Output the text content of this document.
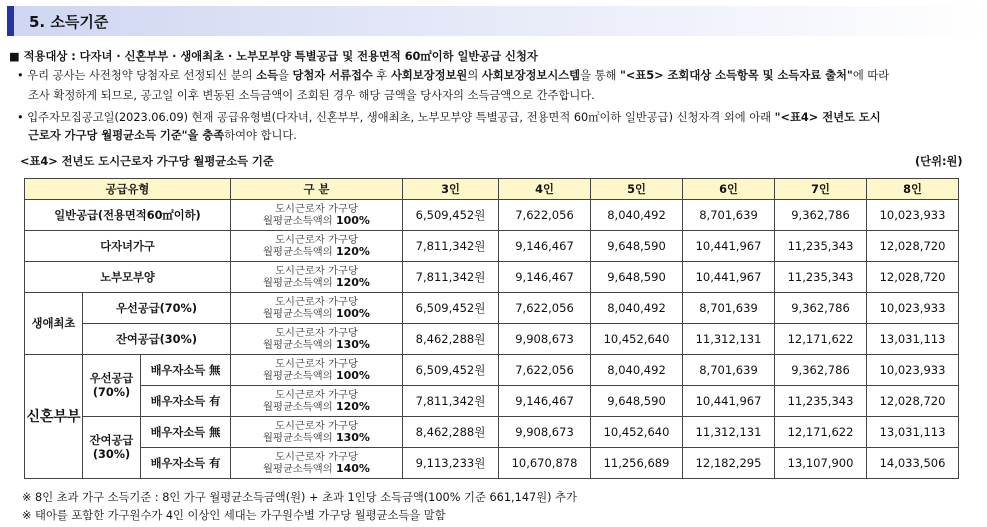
5. 소득기준
■ 적용대상 : 다자녀 · 신혼부부 · 생애최초 · 노부모부양 특별공급 및 전용면적 60㎡이하 일반공급 신청자
• 우리 공사는 사전청약 당첨자로 선정되신 분의 소득을 당첨자 서류접수 후 사회보장정보원의 사회보장정보시스템을 통해 "<표5> 조회대상 소득항목 및 소득자료 출처"에 따라
조사 확정하게 되므로, 공고일 이후 변동된 소득금액이 조회된 경우 해당 금액을 당사자의 소득금액으로 간주합니다.
• 입주자모집공고일(2023.06.09) 현재 공급유형별(다자녀, 신혼부부, 생애최초, 노부모부양 특별공급, 전용면적 60㎡이하 일반공급) 신청자격 외에 아래 "<표4> 전년도 도시
근로자 가구당 월평균소득 기준"을 충족하여야 합니다.
<표4> 전년도 도시근로자 가구당 월평균소득 기준	(단위:원)
공급유형			구 분	3인	4인	5인	6인	7인	8인
일반공급(전용면적60㎡이하)			도시근로자 가구당
월평균소득액의 100%	6,509,452원	7,622,056	8,040,492	8,701,639	9,362,786	10,023,933
다자녀가구			도시근로자 가구당
월평균소득액의 120%	7,811,342원	9,146,467	9,648,590	10,441,967	11,235,343	12,028,720
노부모부양			도시근로자 가구당
월평균소득액의 120%	7,811,342원	9,146,467	9,648,590	10,441,967	11,235,343	12,028,720
생애최초	우선공급(70%)		도시근로자 가구당
월평균소득액의 100%	6,509,452원	7,622,056	8,040,492	8,701,639	9,362,786	10,023,933
	잔여공급(30%)		도시근로자 가구당
월평균소득액의 130%	8,462,288원	9,908,673	10,452,640	11,312,131	12,171,622	13,031,113
신혼부부	우선공급 (70%)	배우자소득 無	도시근로자 가구당
월평균소득액의 100%	6,509,452원	7,622,056	8,040,492	8,701,639	9,362,786	10,023,933
		배우자소득 有	도시근로자 가구당
월평균소득액의 120%	7,811,342원	9,146,467	9,648,590	10,441,967	11,235,343	12,028,720
	잔여공급 (30%)	배우자소득 無	도시근로자 가구당
월평균소득액의 130%	8,462,288원	9,908,673	10,452,640	11,312,131	12,171,622	13,031,113
		배우자소득 有	도시근로자 가구당
월평균소득액의 140%	9,113,233원	10,670,878	11,256,689	12,182,295	13,107,900	14,033,506
※ 8인 초과 가구 소득기준 : 8인 가구 월평균소득금액(원) + 초과 1인당 소득금액(100% 기준 661,147원) 추가
※ 태아를 포함한 가구원수가 4인 이상인 세대는 가구원수별 가구당 월평균소득을 말함
